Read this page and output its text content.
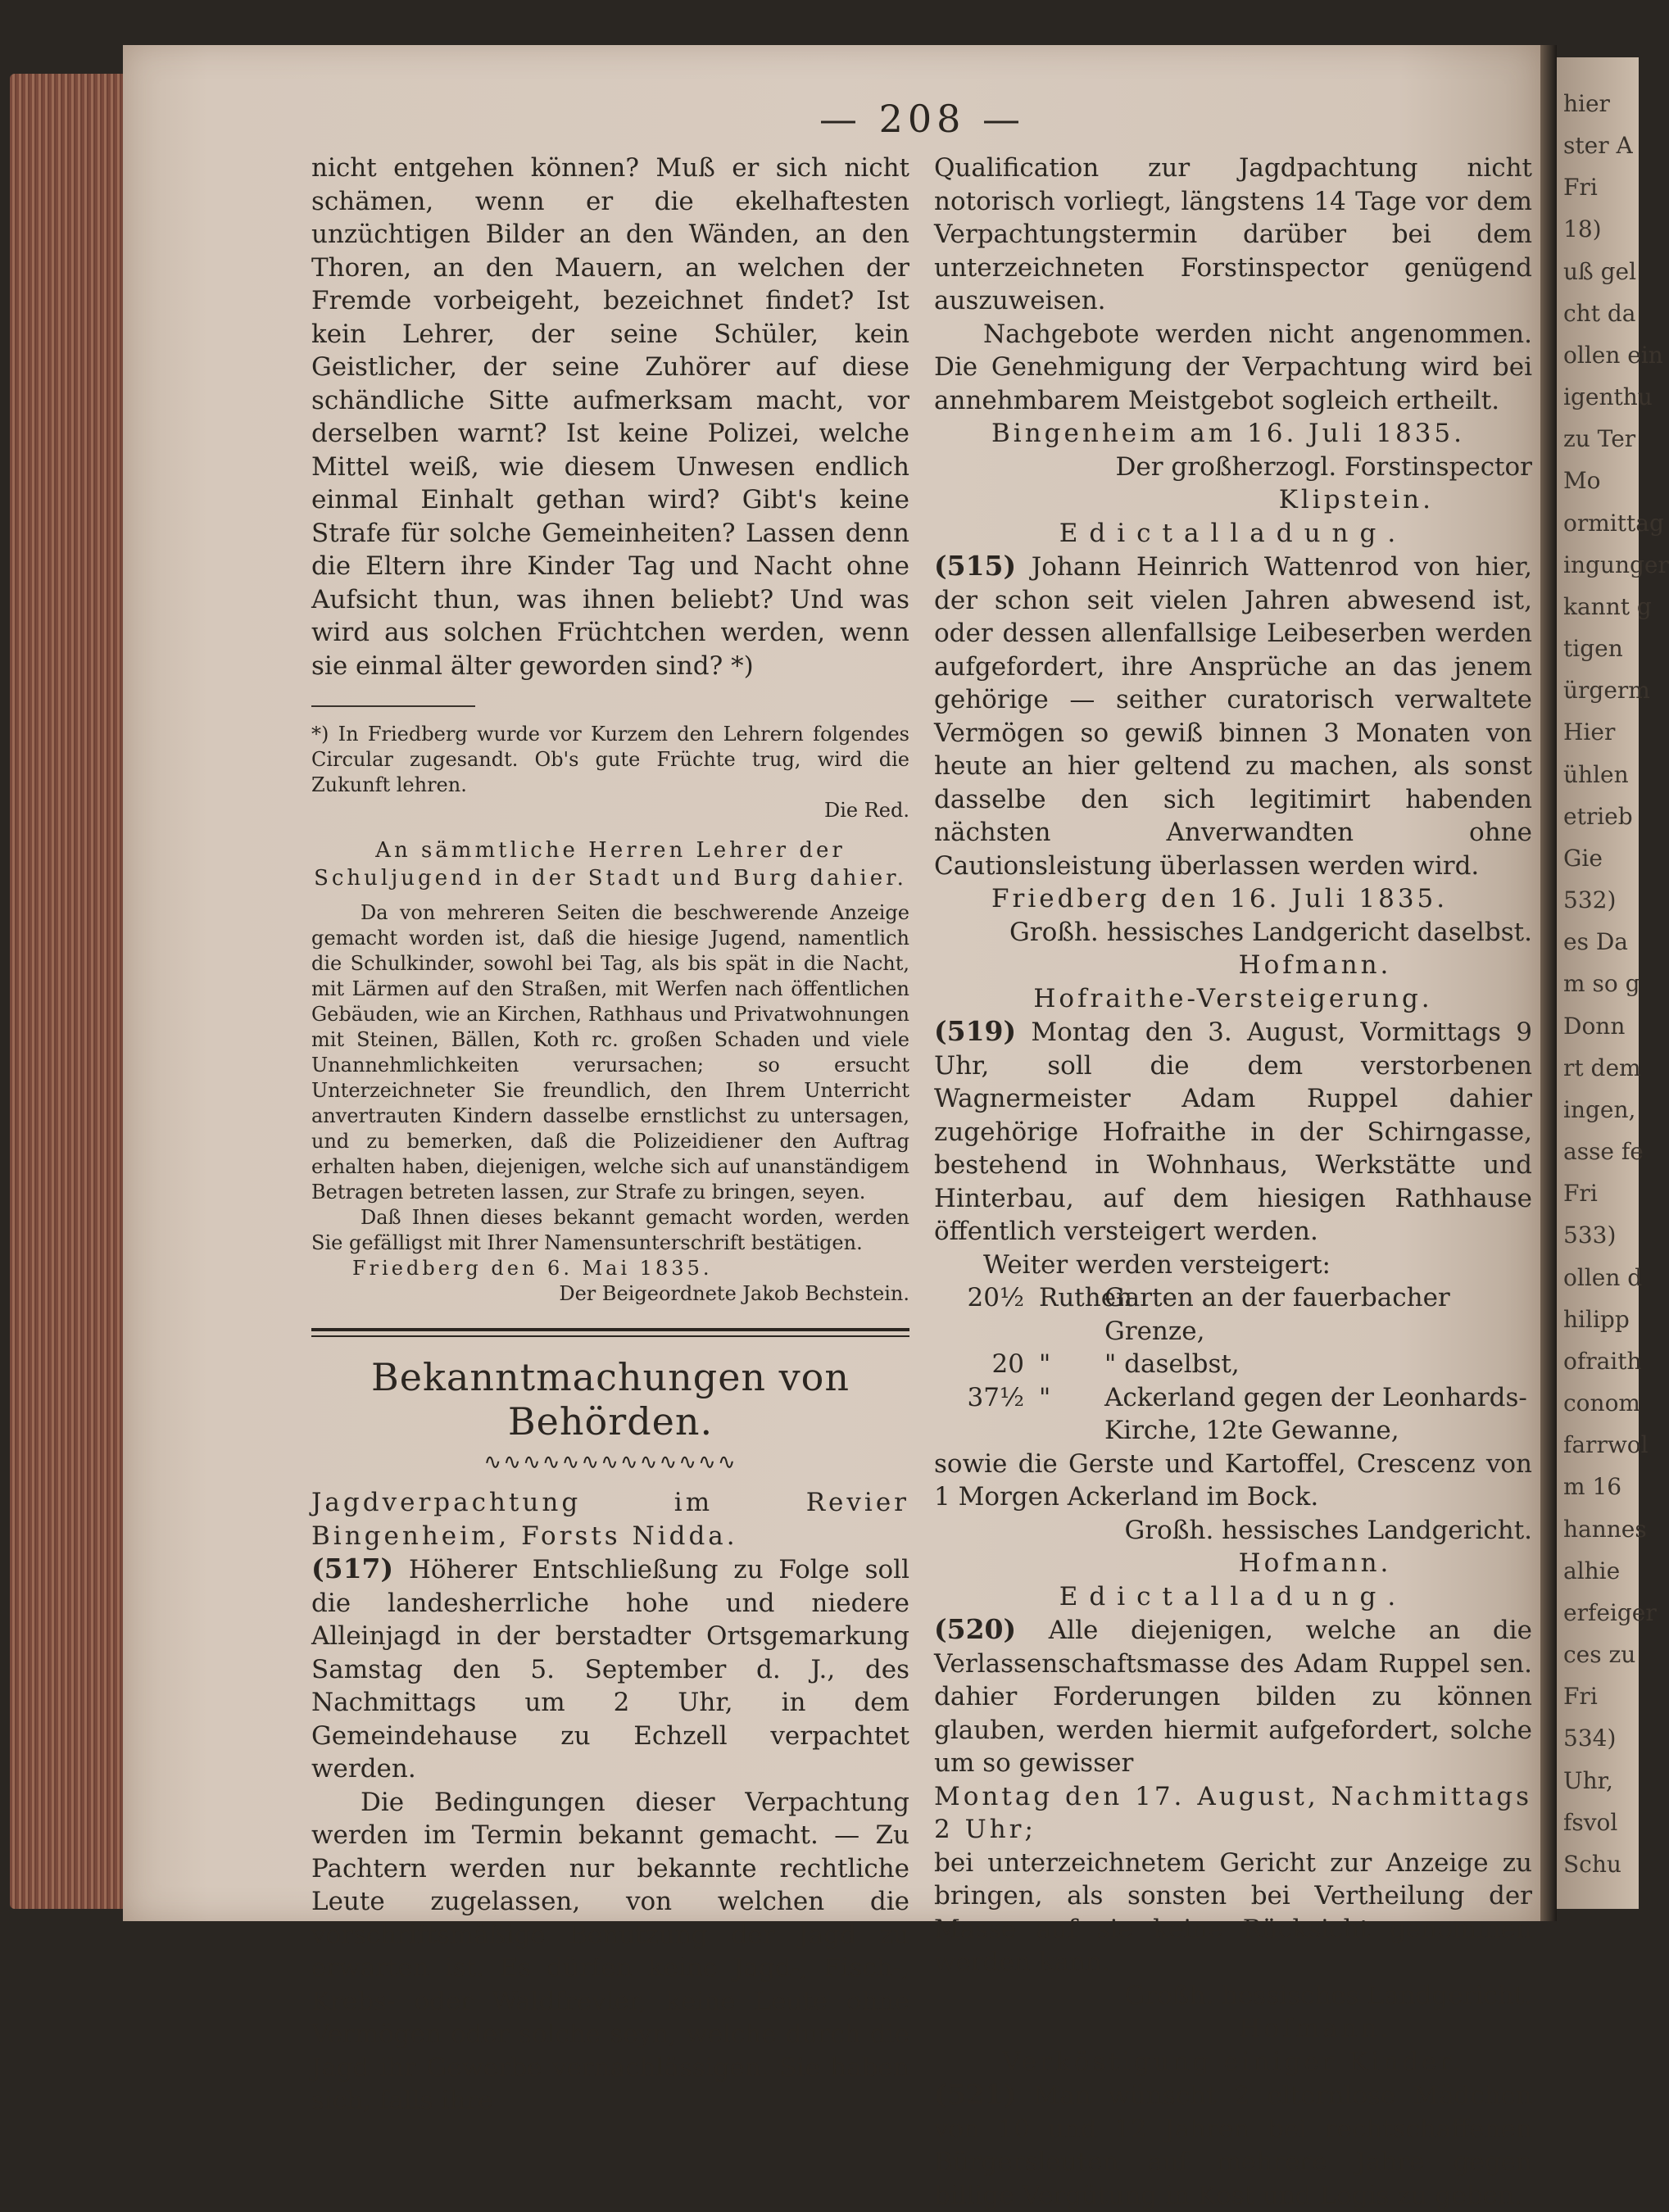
hier
ster A
Fri
18)
uß gel
cht da
ollen ein
igenthu
zu Ter
Mo
ormittag
ingunger
kannt g
tigen
ürgerm
Hier
ühlen
etrieb
Gie
532)
es Da
m so g
Donn
rt dem
ingen,
asse fe
Fri
533)
ollen d
hilipp
ofraith
conom
farrwol
m 16
hannes
alhie
erfeiger
ces zu
Fri
534)
Uhr,
fsvol
Schu
— 208 —

nicht entgehen können? Muß er sich nicht schämen, wenn er die ekelhaftesten unzüchtigen Bilder an den Wänden, an den Thoren, an den Mauern, an welchen der Fremde vorbeigeht, bezeichnet findet? Ist kein Lehrer, der seine Schüler, kein Geistlicher, der seine Zuhörer auf diese schändliche Sitte aufmerksam macht, vor derselben warnt? Ist keine Polizei, welche Mittel weiß, wie diesem Unwesen endlich einmal Einhalt gethan wird? Gibt's keine Strafe für solche Gemeinheiten? Lassen denn die Eltern ihre Kinder Tag und Nacht ohne Aufsicht thun, was ihnen beliebt? Und was wird aus solchen Früchtchen werden, wenn sie einmal älter geworden sind? *)

*) In Friedberg wurde vor Kurzem den Lehrern folgendes Circular zugesandt. Ob's gute Früchte trug, wird die Zukunft lehren.

Die Red.

An sämmtliche Herren Lehrer der Schuljugend in der Stadt und Burg dahier.

Da von mehreren Seiten die beschwerende Anzeige gemacht worden ist, daß die hiesige Jugend, namentlich die Schulkinder, sowohl bei Tag, als bis spät in die Nacht, mit Lärmen auf den Straßen, mit Werfen nach öffentlichen Gebäuden, wie an Kirchen, Rathhaus und Privatwohnungen mit Steinen, Bällen, Koth rc. großen Schaden und viele Unannehmlichkeiten verursachen; so ersucht Unterzeichneter Sie freundlich, den Ihrem Unterricht anvertrauten Kindern dasselbe ernstlichst zu untersagen, und zu bemerken, daß die Polizeidiener den Auftrag erhalten haben, diejenigen, welche sich auf unanständigem Betragen betreten lassen, zur Strafe zu bringen, seyen.

Daß Ihnen dieses bekannt gemacht worden, werden Sie gefälligst mit Ihrer Namensunterschrift bestätigen.

Friedberg den 6. Mai 1835.

Der Beigeordnete Jakob Bechstein.

Bekanntmachungen von Behörden.
∿∿∿∿∿∿∿∿∿∿∿∿∿

Jagdverpachtung im Revier Bingenheim, Forsts Nidda.

(517) Höherer Entschließung zu Folge soll die landesherrliche hohe und niedere Alleinjagd in der berstadter Ortsgemarkung Samstag den 5. September d. J., des Nachmittags um 2 Uhr, in dem Gemeindehause zu Echzell verpachtet werden.

Die Bedingungen dieser Verpachtung werden im Termin bekannt gemacht. — Zu Pachtern werden nur bekannte rechtliche Leute zugelassen, von welchen die vorschriftsmäßige Benutzung der Jagd zu erwarten ist. Es dürfen keine Jagd-, Fisch-, Krebs- oder Waldfrevler, keine Leute ohne Vermögen oder solche seyn, welche durch die Jagd ihr Gewerbe vernachlässigen. Sie haben sich, falls ihre

Qualification zur Jagdpachtung nicht notorisch vorliegt, längstens 14 Tage vor dem Verpachtungstermin darüber bei dem unterzeichneten Forstinspector genügend auszuweisen.

Nachgebote werden nicht angenommen. Die Genehmigung der Verpachtung wird bei annehmbarem Meistgebot sogleich ertheilt.

Bingenheim am 16. Juli 1835.

Der großherzogl. Forstinspector

Klipstein.

Edictalladung.

(515) Johann Heinrich Wattenrod von hier, der schon seit vielen Jahren abwesend ist, oder dessen allenfallsige Leibeserben werden aufgefordert, ihre Ansprüche an das jenem gehörige — seither curatorisch verwaltete Vermögen so gewiß binnen 3 Monaten von heute an hier geltend zu machen, als sonst dasselbe den sich legitimirt habenden nächsten Anverwandten ohne Cautionsleistung überlassen werden wird.

Friedberg den 16. Juli 1835.

Großh. hessisches Landgericht daselbst.

Hofmann.

Hofraithe-Versteigerung.

(519) Montag den 3. August, Vormittags 9 Uhr, soll die dem verstorbenen Wagnermeister Adam Ruppel dahier zugehörige Hofraithe in der Schirngasse, bestehend in Wohnhaus, Werkstätte und Hinterbau, auf dem hiesigen Rathhause öffentlich versteigert werden.

Weiter werden versteigert:

20½ Ruthen
Garten an der fauerbacher Grenze,
20 "	" daselbst,
37½ "	Ackerland gegen der Leonhards-Kirche, 12te Gewanne,

sowie die Gerste und Kartoffel, Crescenz von 1 Morgen Ackerland im Bock.

Großh. hessisches Landgericht.

Hofmann.

Edictalladung.

(520) Alle diejenigen, welche an die Verlassenschaftsmasse des Adam Ruppel sen. dahier Forderungen bilden zu können glauben, werden hiermit aufgefordert, solche um so gewisser

Montag den 17. August, Nachmittags 2 Uhr;

bei unterzeichnetem Gericht zur Anzeige zu bringen, als sonsten bei Vertheilung der Masse auf sie keine Rücksicht genommen werden kann.

Großh. hessisches Landgericht.

Hofmann.

Verköstigung einiger Kinder.

(521) Man wünscht 2 elternlose Mädchen von 10 und 12 Jahren bei rechtschaffenen Bürgersleuten auf mehrere Jahre gegen billige Vergütung in Kost und Logis zu geben.
